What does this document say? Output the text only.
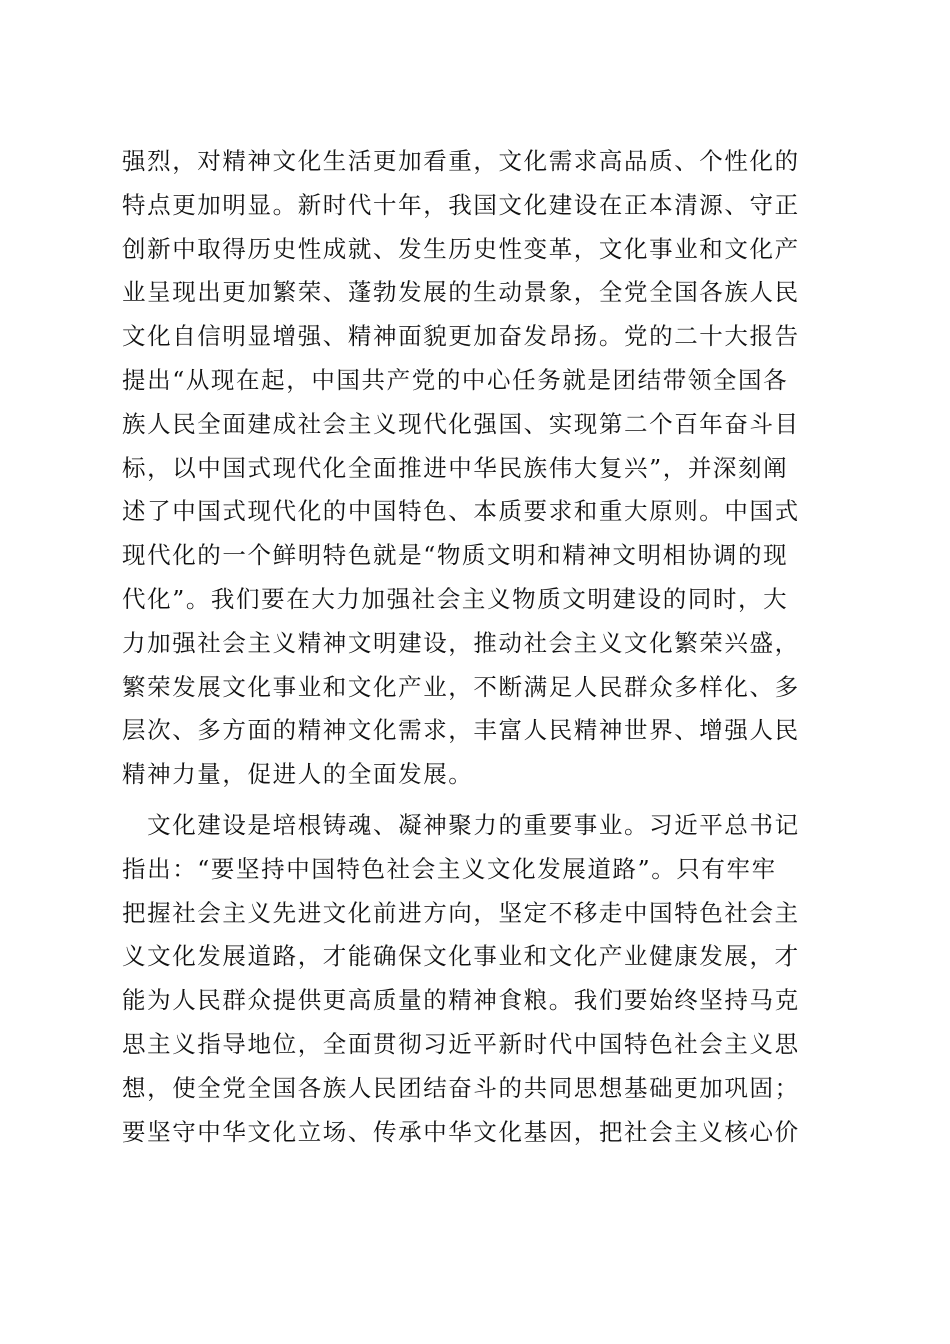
强烈，对精神文化生活更加看重，文化需求高品质、个性化的
特点更加明显。新时代十年，我国文化建设在正本清源、守正
创新中取得历史性成就、发生历史性变革，文化事业和文化产
业呈现出更加繁荣、蓬勃发展的生动景象，全党全国各族人民
文化自信明显增强、精神面貌更加奋发昂扬。党的二十大报告
提出“从现在起，中国共产党的中心任务就是团结带领全国各
族人民全面建成社会主义现代化强国、实现第二个百年奋斗目
标，以中国式现代化全面推进中华民族伟大复兴”，并深刻阐
述了中国式现代化的中国特色、本质要求和重大原则。中国式
现代化的一个鲜明特色就是“物质文明和精神文明相协调的现
代化”。我们要在大力加强社会主义物质文明建设的同时，大
力加强社会主义精神文明建设，推动社会主义文化繁荣兴盛，
繁荣发展文化事业和文化产业，不断满足人民群众多样化、多
层次、多方面的精神文化需求，丰富人民精神世界、增强人民
精神力量，促进人的全面发展。
　文化建设是培根铸魂、凝神聚力的重要事业。习近平总书记
指出：“要坚持中国特色社会主义文化发展道路”。只有牢牢
把握社会主义先进文化前进方向，坚定不移走中国特色社会主
义文化发展道路，才能确保文化事业和文化产业健康发展，才
能为人民群众提供更高质量的精神食粮。我们要始终坚持马克
思主义指导地位，全面贯彻习近平新时代中国特色社会主义思
想，使全党全国各族人民团结奋斗的共同思想基础更加巩固；
要坚守中华文化立场、传承中华文化基因，把社会主义核心价
